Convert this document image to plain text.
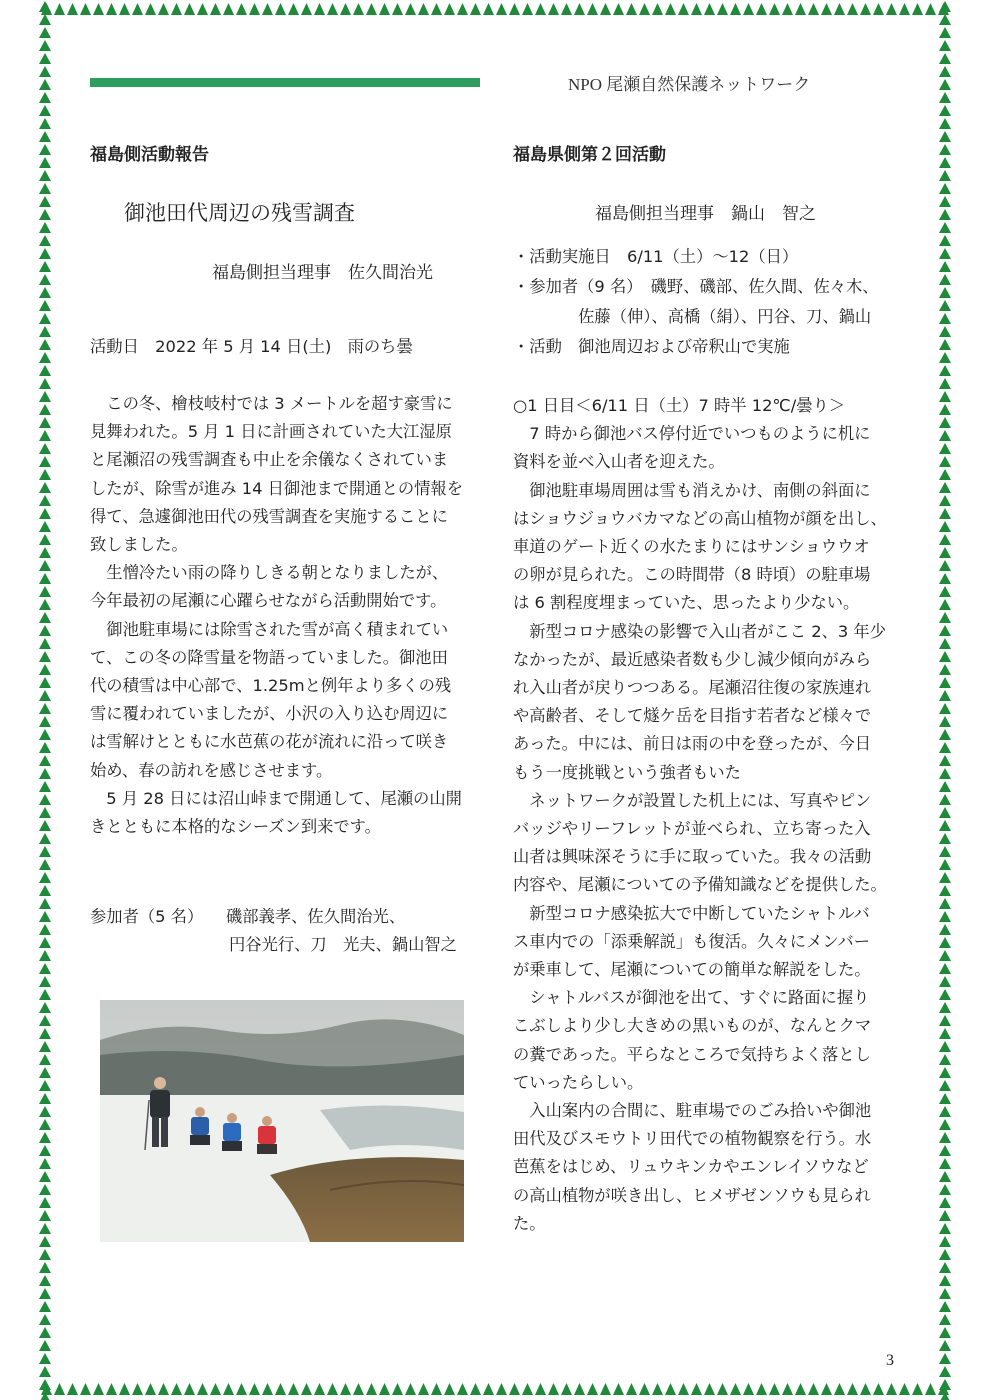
NPO 尾瀬自然保護ネットワーク
福島側活動報告
御池田代周辺の残雪調査
福島側担当理事　佐久間治光
活動日　2022 年 5 月 14 日(土)　雨のち曇

　この冬、檜枝岐村では 3 メートルを超す豪雪に

見舞われた。5 月 1 日に計画されていた大江湿原

と尾瀬沼の残雪調査も中止を余儀なくされていま

したが、除雪が進み 14 日御池まで開通との情報を

得て、急遽御池田代の残雪調査を実施することに

致しました。

　生憎冷たい雨の降りしきる朝となりましたが、

今年最初の尾瀬に心躍らせながら活動開始です。

　御池駐車場には除雪された雪が高く積まれてい

て、この冬の降雪量を物語っていました。御池田

代の積雪は中心部で、1.25mと例年より多くの残

雪に覆われていましたが、小沢の入り込む周辺に

は雪解けとともに水芭蕉の花が流れに沿って咲き

始め、春の訪れを感じさせます。

　5 月 28 日には沼山峠まで開通して、尾瀬の山開

きとともに本格的なシーズン到来です。

参加者（5 名） 磯部義孝、佐久間治光、
円谷光行、刀　光夫、鍋山智之
福島県側第２回活動
福島側担当理事　鍋山　智之

・活動実施日　6/11（土）～12（日）

・参加者（9 名）　磯野、磯部、佐久間、佐々木、

　　　　佐藤（伸）、高橋（絹）、円谷、刀、鍋山

・活動　御池周辺および帝釈山で実施

○1 日目＜6/11 日（土）7 時半 12℃/曇り＞

　7 時から御池バス停付近でいつものように机に

資料を並べ入山者を迎えた。

　御池駐車場周囲は雪も消えかけ、南側の斜面に

はショウジョウバカマなどの高山植物が顔を出し、

車道のゲート近くの水たまりにはサンショウウオ

の卵が見られた。この時間帯（8 時頃）の駐車場

は 6 割程度埋まっていた、思ったより少ない。

　新型コロナ感染の影響で入山者がここ 2、3 年少

なかったが、最近感染者数も少し減少傾向がみら

れ入山者が戻りつつある。尾瀬沼往復の家族連れ

や高齢者、そして燧ケ岳を目指す若者など様々で

あった。中には、前日は雨の中を登ったが、今日

もう一度挑戦という強者もいた

　ネットワークが設置した机上には、写真やピン

バッジやリーフレットが並べられ、立ち寄った入

山者は興味深そうに手に取っていた。我々の活動

内容や、尾瀬についての予備知識などを提供した。

　新型コロナ感染拡大で中断していたシャトルバ

ス車内での「添乗解説」も復活。久々にメンバー

が乗車して、尾瀬についての簡単な解説をした。

　シャトルバスが御池を出て、すぐに路面に握り

こぶしより少し大きめの黒いものが、なんとクマ

の糞であった。平らなところで気持ちよく落とし

ていったらしい。

　入山案内の合間に、駐車場でのごみ拾いや御池

田代及びスモウトリ田代での植物観察を行う。水

芭蕉をはじめ、リュウキンカやエンレイソウなど

の高山植物が咲き出し、ヒメザゼンソウも見られ

た。

3
